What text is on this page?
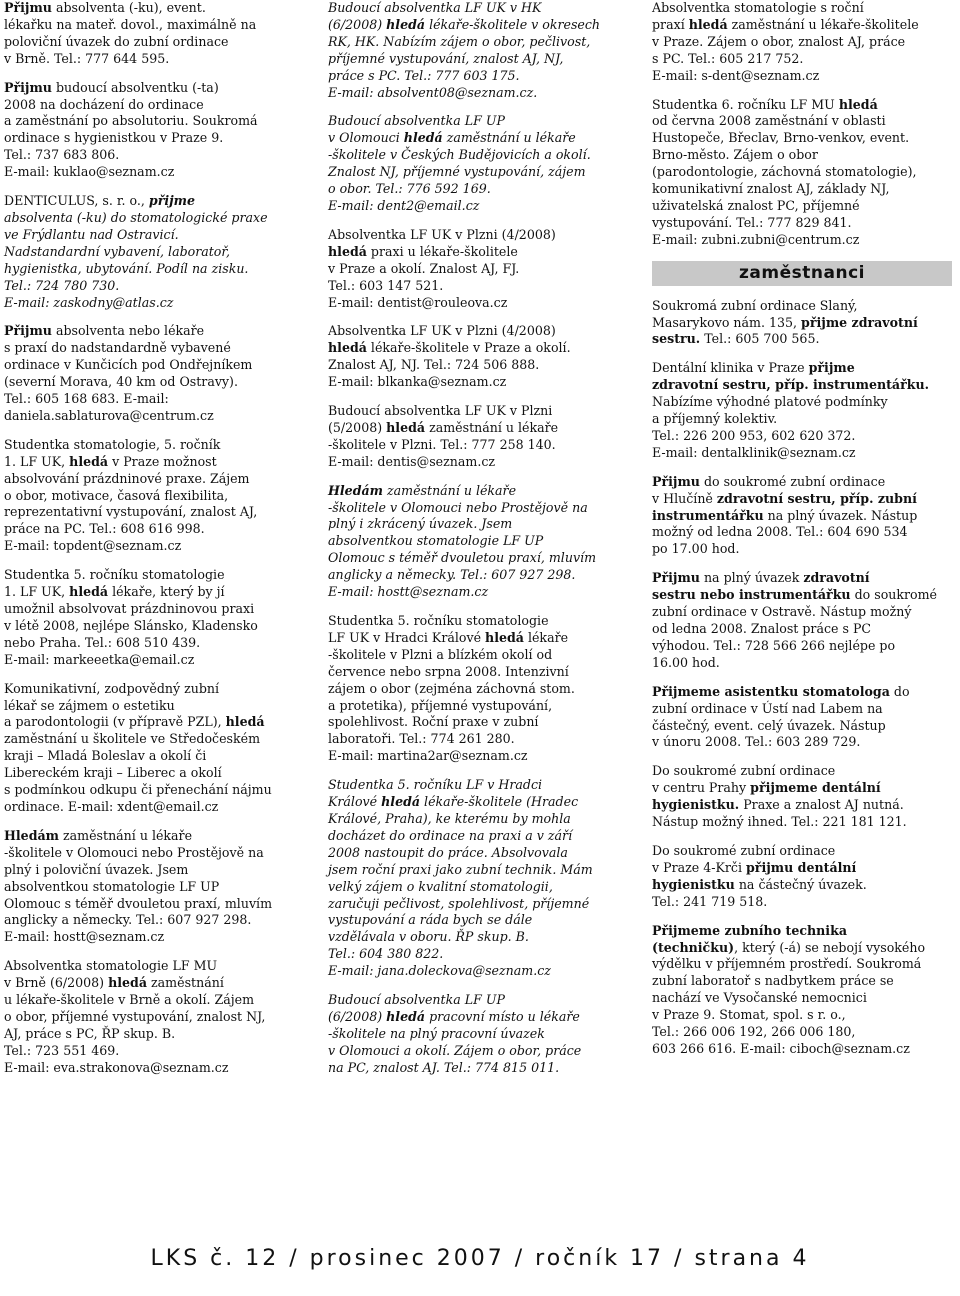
Přijmu absolventa (-ku), event.
lékařku na mateř. dovol., maximálně na
poloviční úvazek do zubní ordinace
v Brně. Tel.: 777 644 595.
Přijmu budoucí absolventku (-ta)
2008 na docházení do ordinace
a zaměstnání po absolutoriu. Soukromá
ordinace s hygienistkou v Praze 9.
Tel.: 737 683 806.
E-mail: kuklao@seznam.cz
DENTICULUS, s. r. o., přijme
absolventa (-ku) do stomatologické praxe
ve Frýdlantu nad Ostravicí.
Nadstandardní vybavení, laboratoř,
hygienistka, ubytování. Podíl na zisku.
Tel.: 724 780 730.
E-mail: zaskodny@atlas.cz
Přijmu absolventa nebo lékaře
s praxí do nadstandardně vybavené
ordinace v Kunčicích pod Ondřejníkem
(severní Morava, 40 km od Ostravy).
Tel.: 605 168 683. E-mail:
daniela.sablaturova@centrum.cz
Studentka stomatologie, 5. ročník
1. LF UK, hledá v Praze možnost
absolvování prázdninové praxe. Zájem
o obor, motivace, časová flexibilita,
reprezentativní vystupování, znalost AJ,
práce na PC. Tel.: 608 616 998.
E-mail: topdent@seznam.cz
Studentka 5. ročníku stomatologie
1. LF UK, hledá lékaře, který by jí
umožnil absolvovat prázdninovou praxi
v létě 2008, nejlépe Slánsko, Kladensko
nebo Praha. Tel.: 608 510 439.
E-mail: markeeetka@email.cz
Komunikativní, zodpovědný zubní
lékař se zájmem o estetiku
a parodontologii (v přípravě PZL), hledá
zaměstnání u školitele ve Středočeském
kraji – Mladá Boleslav a okolí či
Libereckém kraji – Liberec a okolí
s podmínkou odkupu či přenechání nájmu
ordinace. E-mail: xdent@email.cz
Hledám zaměstnání u lékaře
-školitele v Olomouci nebo Prostějově na
plný i poloviční úvazek. Jsem
absolventkou stomatologie LF UP
Olomouc s téměř dvouletou praxí, mluvím
anglicky a německy. Tel.: 607 927 298.
E-mail: hostt@seznam.cz
Absolventka stomatologie LF MU
v Brně (6/2008) hledá zaměstnání
u lékaře-školitele v Brně a okolí. Zájem
o obor, příjemné vystupování, znalost NJ,
AJ, práce s PC, ŘP skup. B.
Tel.: 723 551 469.
E-mail: eva.strakonova@seznam.cz
Budoucí absolventka LF UK v HK
(6/2008) hledá lékaře-školitele v okresech
RK, HK. Nabízím zájem o obor, pečlivost,
příjemné vystupování, znalost AJ, NJ,
práce s PC. Tel.: 777 603 175.
E-mail: absolvent08@seznam.cz.
Budoucí absolventka LF UP
v Olomouci hledá zaměstnání u lékaře
-školitele v Českých Budějovicích a okolí.
Znalost NJ, příjemné vystupování, zájem
o obor. Tel.: 776 592 169.
E-mail: dent2@email.cz
Absolventka LF UK v Plzni (4/2008)
hledá praxi u lékaře-školitele
v Praze a okolí. Znalost AJ, FJ.
Tel.: 603 147 521.
E-mail: dentist@rouleova.cz
Absolventka LF UK v Plzni (4/2008)
hledá lékaře-školitele v Praze a okolí.
Znalost AJ, NJ. Tel.: 724 506 888.
E-mail: blkanka@seznam.cz
Budoucí absolventka LF UK v Plzni
(5/2008) hledá zaměstnání u lékaře
-školitele v Plzni. Tel.: 777 258 140.
E-mail: dentis@seznam.cz
Hledám zaměstnání u lékaře
-školitele v Olomouci nebo Prostějově na
plný i zkrácený úvazek. Jsem
absolventkou stomatologie LF UP
Olomouc s téměř dvouletou praxí, mluvím
anglicky a německy. Tel.: 607 927 298.
E-mail: hostt@seznam.cz
Studentka 5. ročníku stomatologie
LF UK v Hradci Králové hledá lékaře
-školitele v Plzni a blízkém okolí od
července nebo srpna 2008. Intenzivní
zájem o obor (zejména záchovná stom.
a protetika), příjemné vystupování,
spolehlivost. Roční praxe v zubní
laboratoři. Tel.: 774 261 280.
E-mail: martina2ar@seznam.cz
Studentka 5. ročníku LF v Hradci
Králové hledá lékaře-školitele (Hradec
Králové, Praha), ke kterému by mohla
docházet do ordinace na praxi a v září
2008 nastoupit do práce. Absolvovala
jsem roční praxi jako zubní technik. Mám
velký zájem o kvalitní stomatologii,
zaručuji pečlivost, spolehlivost, příjemné
vystupování a ráda bych se dále
vzdělávala v oboru. ŘP skup. B.
Tel.: 604 380 822.
E-mail: jana.doleckova@seznam.cz
Budoucí absolventka LF UP
(6/2008) hledá pracovní místo u lékaře
-školitele na plný pracovní úvazek
v Olomouci a okolí. Zájem o obor, práce
na PC, znalost AJ. Tel.: 774 815 011.
Absolventka stomatologie s roční
praxí hledá zaměstnání u lékaře-školitele
v Praze. Zájem o obor, znalost AJ, práce
s PC. Tel.: 605 217 752.
E-mail: s-dent@seznam.cz
Studentka 6. ročníku LF MU hledá
od června 2008 zaměstnání v oblasti
Hustopeče, Břeclav, Brno-venkov, event.
Brno-město. Zájem o obor
(parodontologie, záchovná stomatologie),
komunikativní znalost AJ, základy NJ,
uživatelská znalost PC, příjemné
vystupování. Tel.: 777 829 841.
E-mail: zubni.zubni@centrum.cz
zaměstnanci
Soukromá zubní ordinace Slaný,
Masarykovo nám. 135, přijme zdravotní
sestru. Tel.: 605 700 565.
Dentální klinika v Praze přijme
zdravotní sestru, příp. instrumentářku.
Nabízíme výhodné platové podmínky
a příjemný kolektiv.
Tel.: 226 200 953, 602 620 372.
E-mail: dentalklinik@seznam.cz
Přijmu do soukromé zubní ordinace
v Hlučíně zdravotní sestru, příp. zubní
instrumentářku na plný úvazek. Nástup
možný od ledna 2008. Tel.: 604 690 534
po 17.00 hod.
Přijmu na plný úvazek zdravotní
sestru nebo instrumentářku do soukromé
zubní ordinace v Ostravě. Nástup možný
od ledna 2008. Znalost práce s PC
výhodou. Tel.: 728 566 266 nejlépe po
16.00 hod.
Přijmeme asistentku stomatologa do
zubní ordinace v Ústí nad Labem na
částečný, event. celý úvazek. Nástup
v únoru 2008. Tel.: 603 289 729.
Do soukromé zubní ordinace
v centru Prahy přijmeme dentální
hygienistku. Praxe a znalost AJ nutná.
Nástup možný ihned. Tel.: 221 181 121.
Do soukromé zubní ordinace
v Praze 4-Krči přijmu dentální
hygienistku na částečný úvazek.
Tel.: 241 719 518.
Přijmeme zubního technika
(techničku), který (-á) se nebojí vysokého
výdělku v příjemném prostředí. Soukromá
zubní laboratoř s nadbytkem práce se
nachází ve Vysočanské nemocnici
v Praze 9. Stomat, spol. s r. o.,
Tel.: 266 006 192, 266 006 180,
603 266 616. E-mail: ciboch@seznam.cz
LKS č. 12 / prosinec 2007 / ročník 17 / strana 4
